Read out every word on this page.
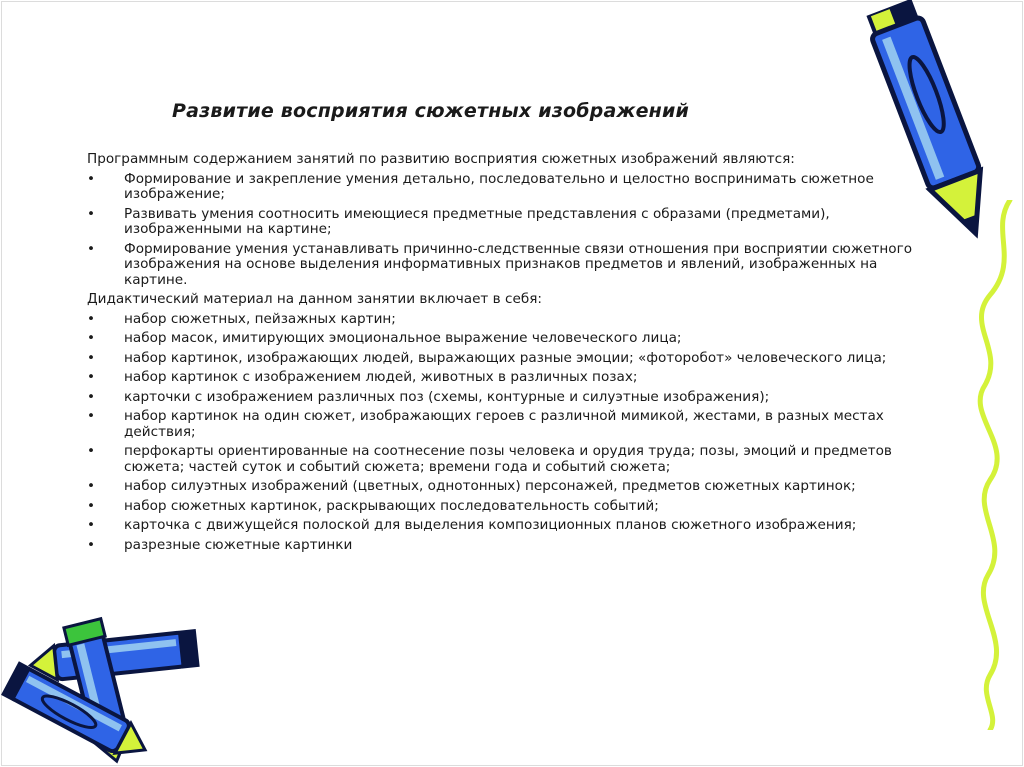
Развитие восприятия сюжетных изображений
Программным содержанием занятий по развитию восприятия сюжетных изображений являются:
•	Формирование и закрепление умения детально, последовательно и целостно воспринимать сюжетное изображение;
•	Развивать умения соотносить имеющиеся предметные представления с образами (предметами), изображенными на картине;
•	Формирование умения устанавливать причинно-следственные связи отношения при восприятии сюжетного изображения на основе выделения информативных признаков предметов и явлений, изображенных на картине.
Дидактический материал на данном занятии включает в себя:
•	набор сюжетных, пейзажных картин;
•	набор масок, имитирующих эмоциональное выражение человеческого лица;
•	набор картинок, изображающих людей, выражающих разные эмоции; «фоторобот» человеческого лица;
•	набор картинок с изображением людей, животных в различных позах;
•	карточки с изображением различных поз (схемы, контурные и силуэтные изображения);
•	набор картинок на один сюжет, изображающих героев с различной мимикой, жестами, в разных местах действия;
•	перфокарты ориентированные на соотнесение позы человека и орудия труда; позы, эмоций и предметов сюжета; частей суток и событий сюжета; времени года и событий сюжета;
•	набор силуэтных изображений (цветных, однотонных) персонажей, предметов сюжетных картинок;
•	набор сюжетных картинок, раскрывающих последовательность событий;
•	карточка с движущейся полоской для выделения композиционных планов сюжетного изображения;
•	разрезные сюжетные картинки
